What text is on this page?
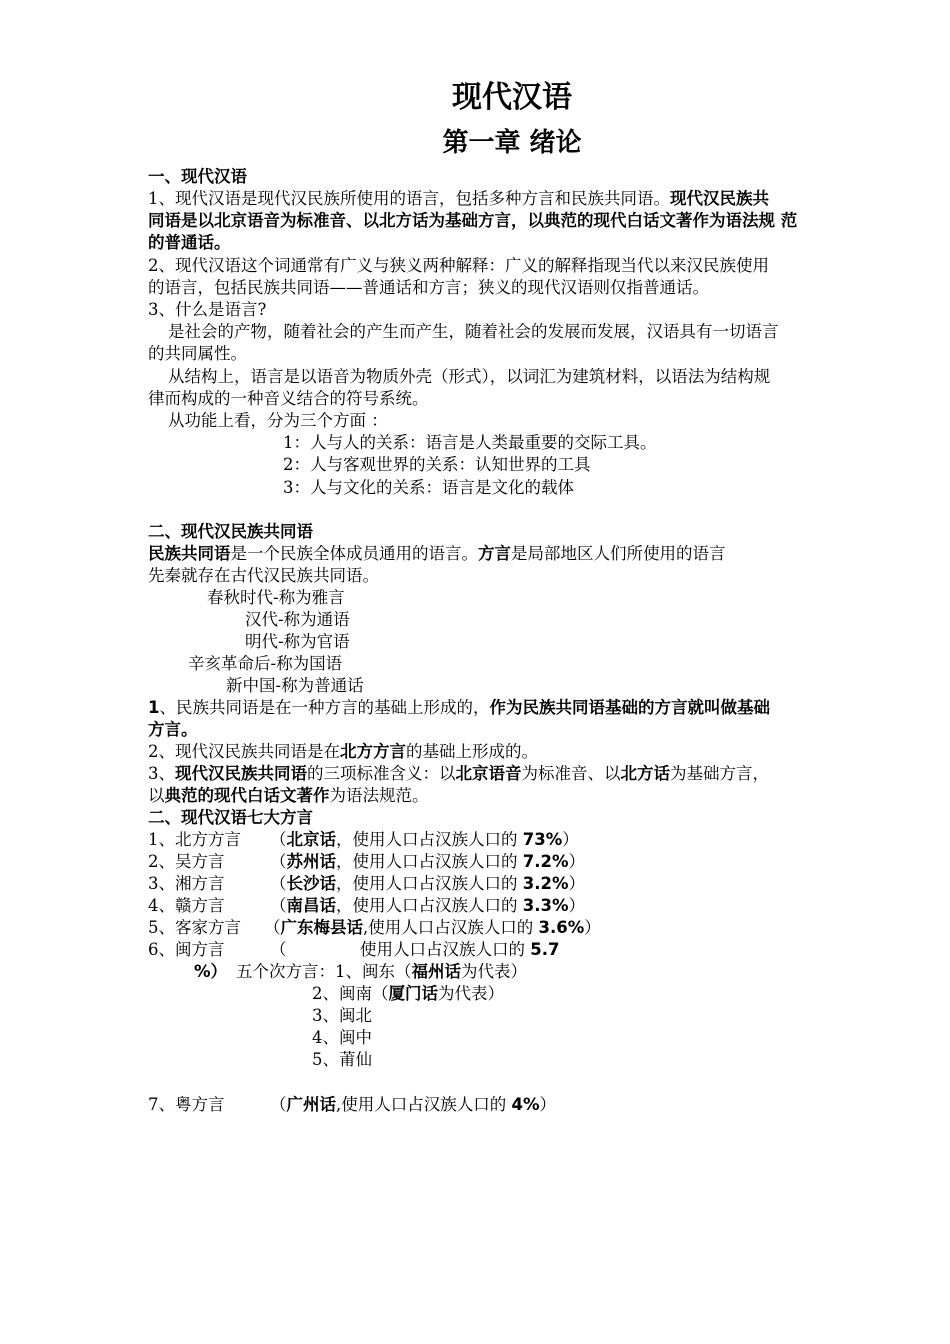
现代汉语
第一章 绪论
一、现代汉语
1、现代汉语是现代汉民族所使用的语言，包括多种方言和民族共同语。现代汉民族共
同语是以北京语音为标准音、以北方话为基础方言，以典范的现代白话文著作为语法规 范
的普通话。
2、现代汉语这个词通常有广义与狭义两种解释：广义的解释指现当代以来汉民族使用
的语言，包括民族共同语——普通话和方言；狭义的现代汉语则仅指普通话。
3、什么是语言?
是社会的产物，随着社会的产生而产生，随着社会的发展而发展，汉语具有一切语言
的共同属性。
从结构上，语言是以语音为物质外壳（形式），以词汇为建筑材料，以语法为结构规
律而构成的一种音义结合的符号系统。
从功能上看，分为三个方面 ：
1：人与人的关系：语言是人类最重要的交际工具。
2：人与客观世界的关系：认知世界的工具
3：人与文化的关系：语言是文化的载体
二、现代汉民族共同语
民族共同语是一个民族全体成员通用的语言。方言是局部地区人们所使用的语言
先秦就存在古代汉民族共同语。
春秋时代-称为雅言
汉代-称为通语
明代-称为官语
辛亥革命后-称为国语
新中国-称为普通话
1、民族共同语是在一种方言的基础上形成的，作为民族共同语基础的方言就叫做基础
方言。
2、现代汉民族共同语是在北方方言的基础上形成的。
3、现代汉民族共同语的三项标准含义：以北京语音为标准音、以北方话为基础方言，
以典范的现代白话文著作为语法规范。
二、现代汉语七大方言
1、北方方言 （北京话，使用人口占汉族人口的 73%）
2、吴方言	（苏州话，使用人口占汉族人口的 7.2%）
3、湘方言	（长沙话，使用人口占汉族人口的 3.2%）
4、赣方言	（南昌话，使用人口占汉族人口的 3.3%）
5、客家方言 （广东梅县话,使用人口占汉族人口的 3.6%）
6、闽方言	（	使用人口占汉族人口的 5.7
%） 五个次方言：1、闽东（福州话为代表）
2、闽南（厦门话为代表）
3、闽北
4、闽中
5、莆仙
7、粤方言	（广州话,使用人口占汉族人口的 4%）
